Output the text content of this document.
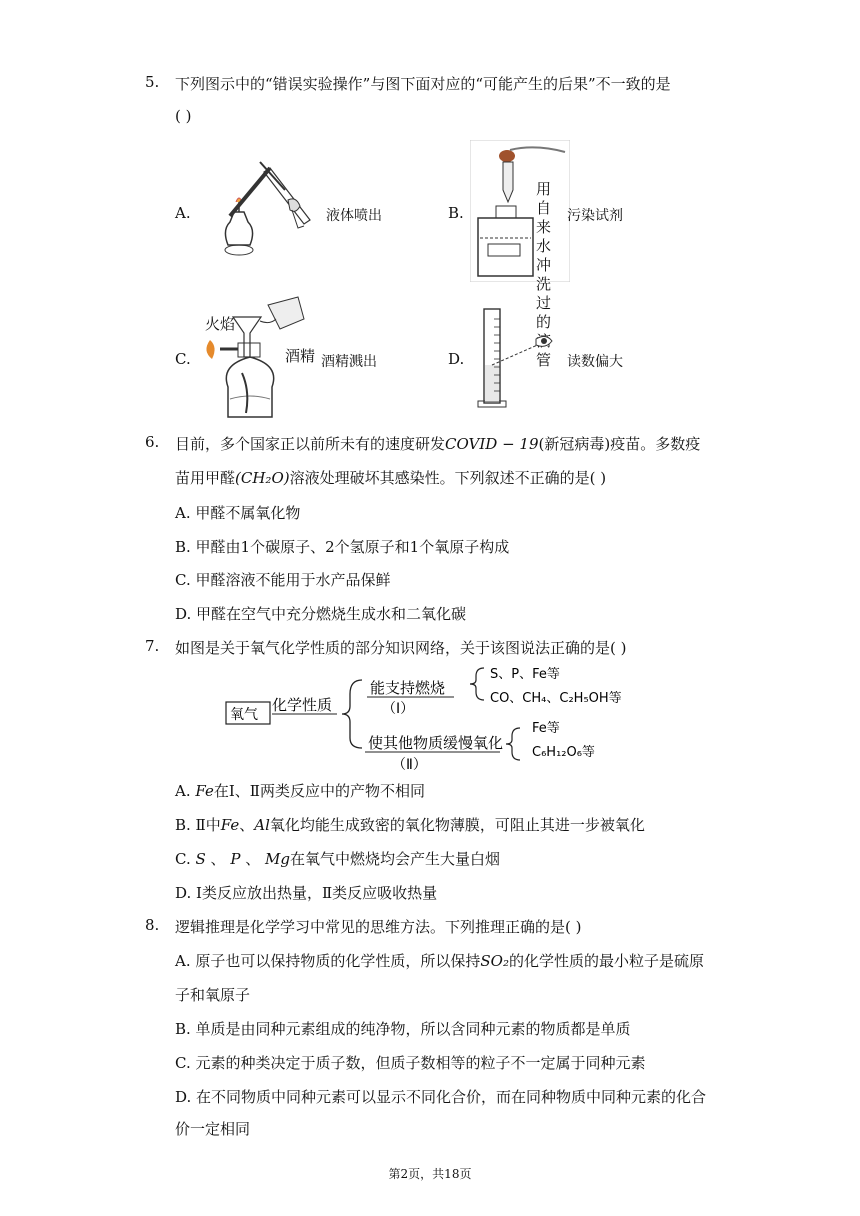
5. 下列图示中的“错误实验操作”与图下面对应的“可能产生的后果”不一致的是
( )
A.	液体喷出	B.
用自来水冲洗过的 管
污染试剂
C.
火焰
酒精 酒精溅出	D.	读数偏大
6. 目前，多个国家正以前所未有的速度研发COVID − 19(新冠病毒)疫苗。多数疫
苗用甲醛(CH₂O)溶液处理破坏其感染性。下列叙述不正确的是( )
A. 甲醛不属氧化物
B. 甲醛由1个碳原子、2个氢原子和1个氧原子构成
C. 甲醛溶液不能用于水产品保鲜
D. 甲醛在空气中充分燃烧生成水和二氧化碳
7. 如图是关于氧气化学性质的部分知识网络，关于该图说法正确的是( )
氧气
化学性质
能支持燃烧
（Ⅰ）
S、P、Fe等
CO、CH₄、C₂H₅OH等
使其他物质缓慢氧化
（Ⅱ）
Fe等
C₆H₁₂O₆等
A. Fe在Ⅰ、Ⅱ两类反应中的产物不相同
B. Ⅱ中Fe、Al氧化均能生成致密的氧化物薄膜，可阻止其进一步被氧化
C. S 、 P 、 Mg在氧气中燃烧均会产生大量白烟
D. Ⅰ类反应放出热量，Ⅱ类反应吸收热量
8. 逻辑推理是化学学习中常见的思维方法。下列推理正确的是( )
A. 原子也可以保持物质的化学性质，所以保持SO₂的化学性质的最小粒子是硫原
子和氧原子
B. 单质是由同种元素组成的纯净物，所以含同种元素的物质都是单质
C. 元素的种类决定于质子数，但质子数相等的粒子不一定属于同种元素
D. 在不同物质中同种元素可以显示不同化合价，而在同种物质中同种元素的化合
价一定相同
第2页，共18页
